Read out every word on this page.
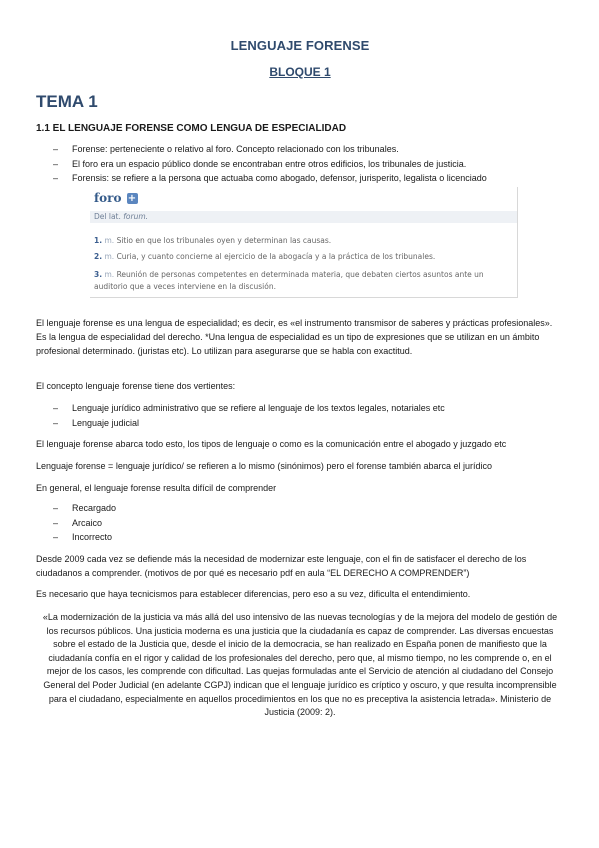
LENGUAJE FORENSE
BLOQUE 1
TEMA 1
1.1 EL LENGUAJE FORENSE COMO LENGUA DE ESPECIALIDAD
– Forense: perteneciente o relativo al foro. Concepto relacionado con los tribunales.
– El foro era un espacio público donde se encontraban entre otros edificios, los tribunales de justicia.
– Forensis: se refiere a la persona que actuaba como abogado, defensor, jurisperito, legalista o licenciado
foro +
Del lat. forum.
1. m. Sitio en que los tribunales oyen y determinan las causas.
2. m. Curia, y cuanto concierne al ejercicio de la abogacía y a la práctica de los tribunales.
3. m. Reunión de personas competentes en determinada materia, que debaten ciertos asuntos ante un
auditorio que a veces interviene en la discusión.

El lenguaje forense es una lengua de especialidad; es decir, es «el instrumento transmisor de saberes y prácticas profesionales». Es la lengua de especialidad del derecho. *Una lengua de especialidad es un tipo de expresiones que se utilizan en un ámbito profesional determinado. (juristas etc). Lo utilizan para asegurarse que se habla con exactitud.

El concepto lenguaje forense tiene dos vertientes:

– Lenguaje jurídico administrativo que se refiere al lenguaje de los textos legales, notariales etc
– Lenguaje judicial

El lenguaje forense abarca todo esto, los tipos de lenguaje o como es la comunicación entre el abogado y juzgado etc

Lenguaje forense = lenguaje jurídico/ se refieren a lo mismo (sinónimos) pero el forense también abarca el jurídico

En general, el lenguaje forense resulta difícil de comprender

– Recargado
– Arcaico
– Incorrecto

Desde 2009 cada vez se defiende más la necesidad de modernizar este lenguaje, con el fin de satisfacer el derecho de los ciudadanos a comprender. (motivos de por qué es necesario pdf en aula “EL DERECHO A COMPRENDER”)

Es necesario que haya tecnicismos para establecer diferencias, pero eso a su vez, dificulta el entendimiento.

«La modernización de la justicia va más allá del uso intensivo de las nuevas tecnologías y de la mejora del modelo de gestión de los recursos públicos. Una justicia moderna es una justicia que la ciudadanía es capaz de comprender. Las diversas encuestas sobre el estado de la Justicia que, desde el inicio de la democracia, se han realizado en España ponen de manifiesto que la ciudadanía confía en el rigor y calidad de los profesionales del derecho, pero que, al mismo tiempo, no les comprende o, en el mejor de los casos, les comprende con dificultad. Las quejas formuladas ante el Servicio de atención al ciudadano del Consejo General del Poder Judicial (en adelante CGPJ) indican que el lenguaje jurídico es críptico y oscuro, y que resulta incomprensible para el ciudadano, especialmente en aquellos procedimientos en los que no es preceptiva la asistencia letrada». Ministerio de Justicia (2009: 2).
